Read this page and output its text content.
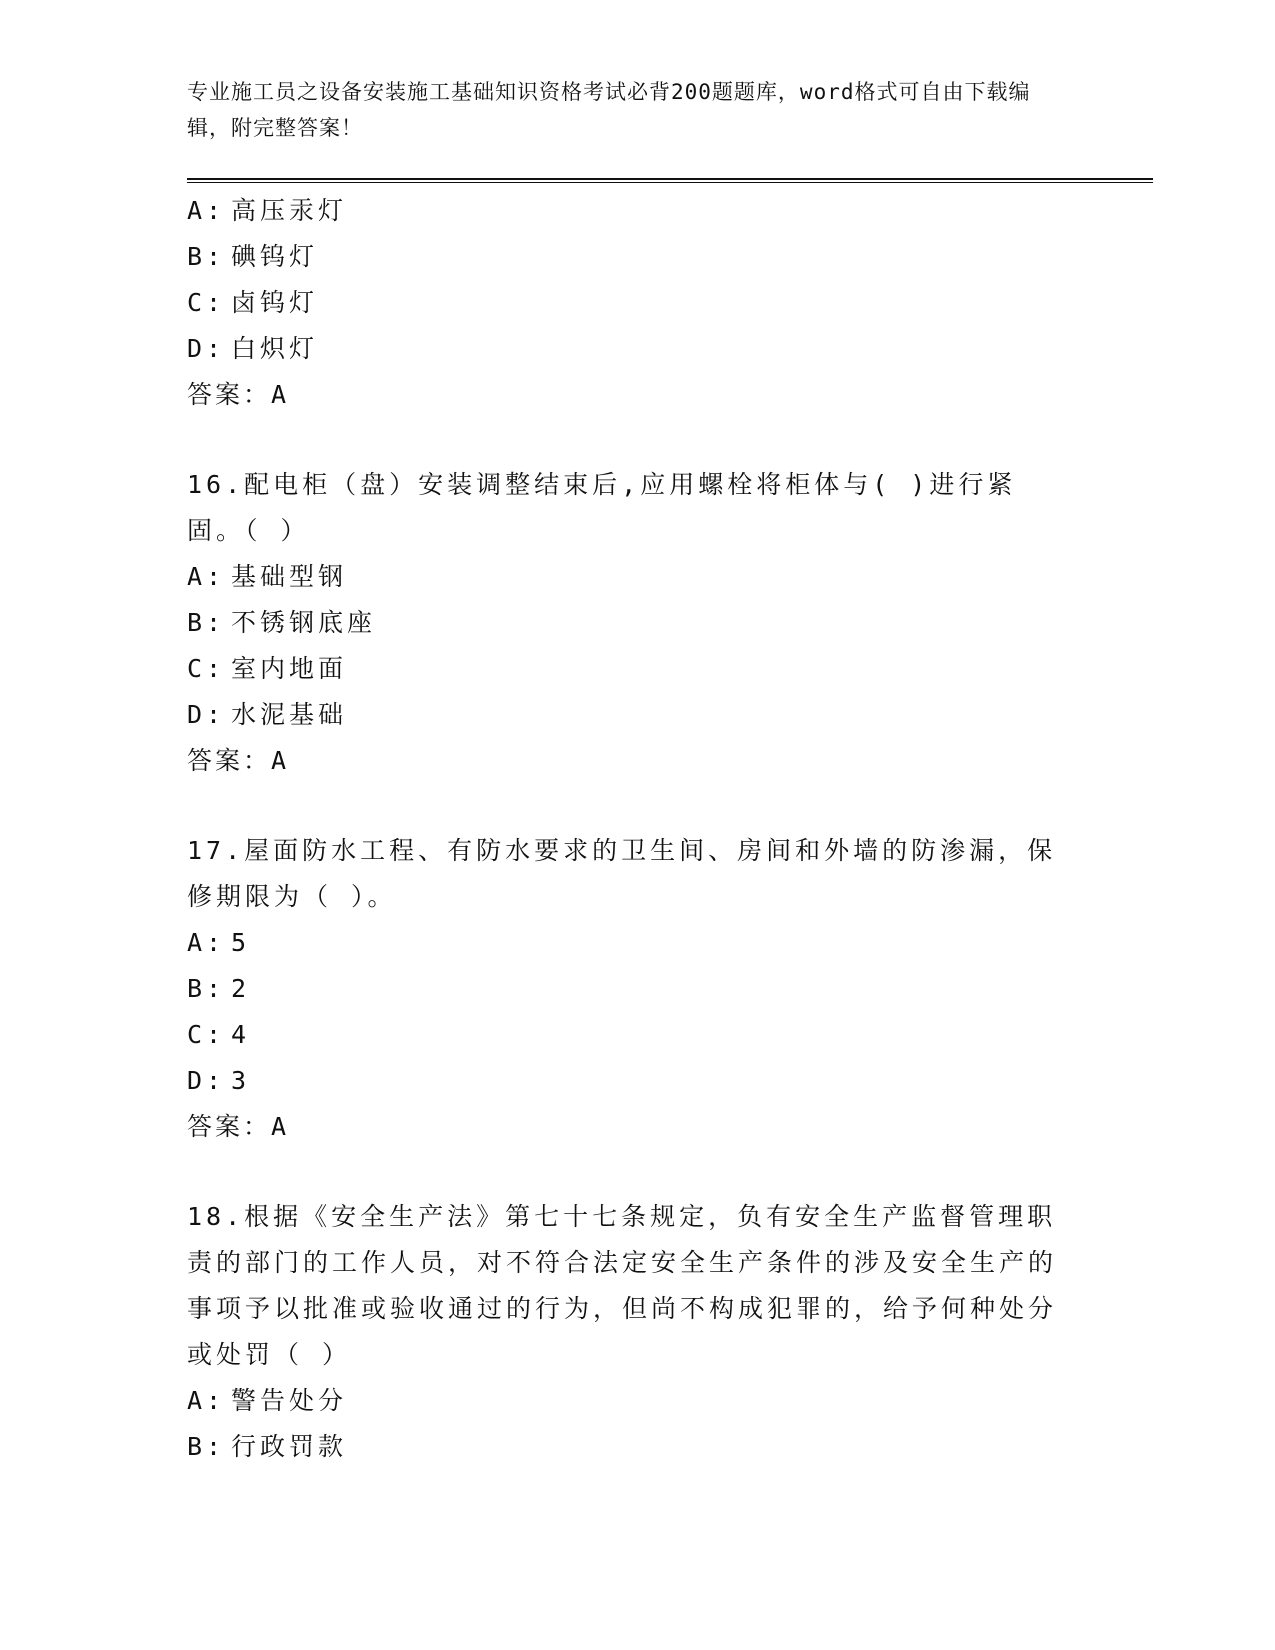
专业施工员之设备安装施工基础知识资格考试必背200题题库，word格式可自由下载编辑，附完整答案！
A: 高压汞灯
B: 碘钨灯
C: 卤钨灯
D: 白炽灯
答案：A
16.配电柜（盘）安装调整结束后,应用螺栓将柜体与( )进行紧固。（ ）
A: 基础型钢
B: 不锈钢底座
C: 室内地面
D: 水泥基础
答案：A
17.屋面防水工程、有防水要求的卫生间、房间和外墙的防渗漏，保修期限为（ ）。
A: 5
B: 2
C: 4
D: 3
答案：A
18.根据《安全生产法》第七十七条规定，负有安全生产监督管理职责的部门的工作人员，对不符合法定安全生产条件的涉及安全生产的事项予以批准或验收通过的行为，但尚不构成犯罪的，给予何种处分或处罚（ ）
A: 警告处分
B: 行政罚款
